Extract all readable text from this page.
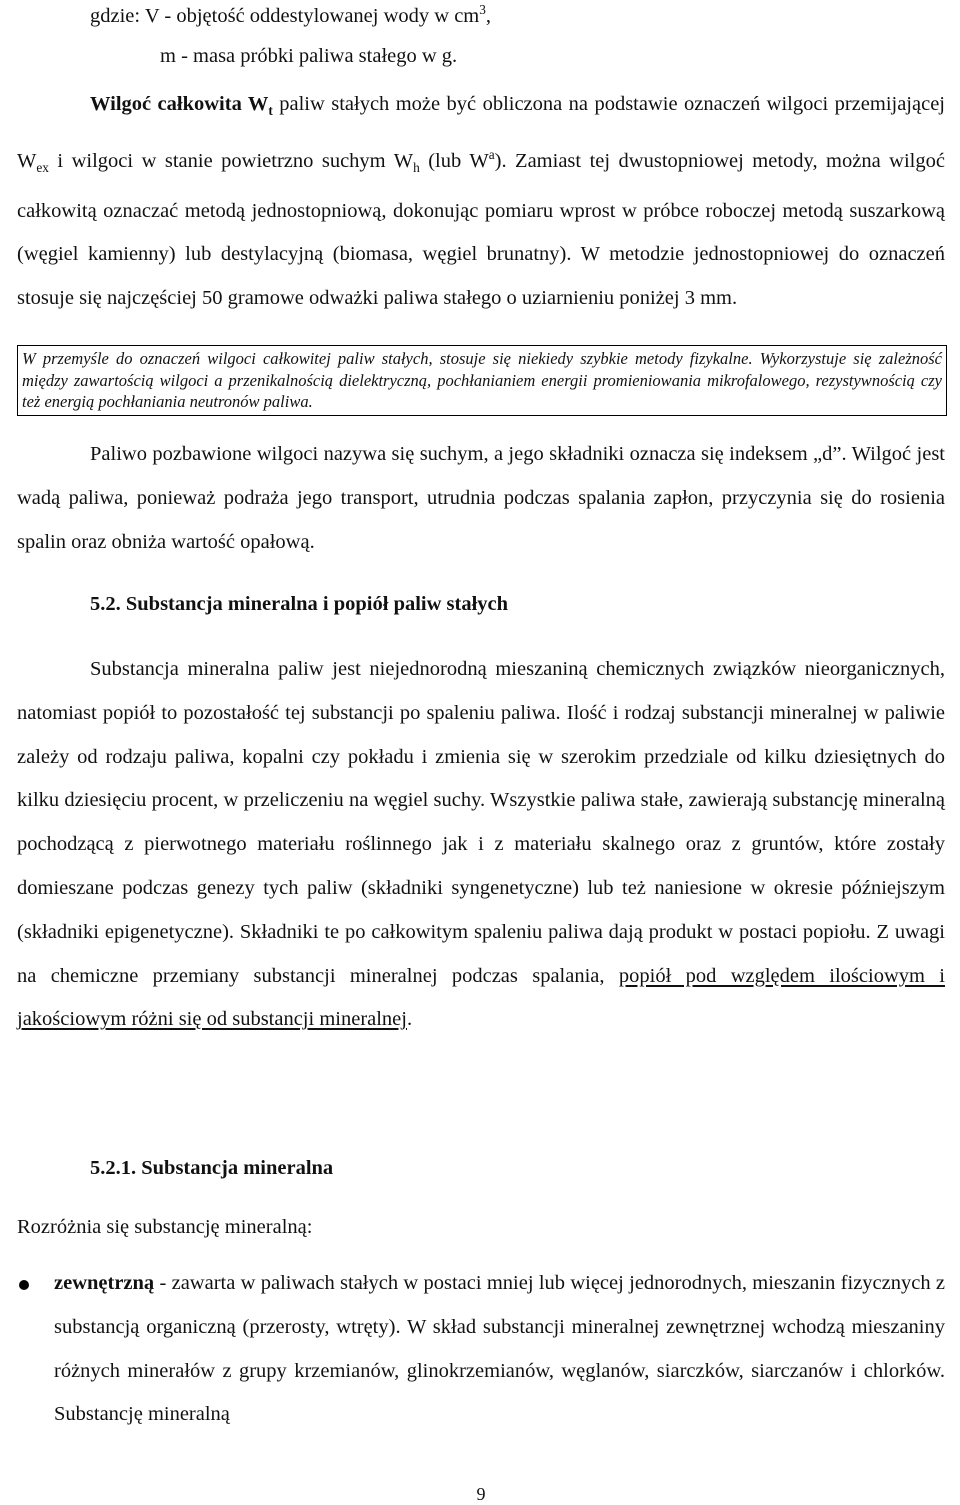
gdzie: V - objętość oddestylowanej wody w $cm^3$,

m - masa próbki paliwa stałego w g.

Wilgoć całkowita $W_t$ paliw stałych może być obliczona na podstawie oznaczeń wilgoci przemijającej $W_{ex}$ i wilgoci w stanie powietrzno suchym $W_h$ (lub $W^a$). Zamiast tej dwustopniowej metody, można wilgoć całkowitą oznaczać metodą jednostopniową, dokonując pomiaru wprost w próbce roboczej metodą suszarkową (węgiel kamienny) lub destylacyjną (biomasa, węgiel brunatny). W metodzie jednostopniowej do oznaczeń stosuje się najczęściej 50 gramowe odważki paliwa stałego o uziarnieniu poniżej 3 mm.

W przemyśle do oznaczeń wilgoci całkowitej paliw stałych, stosuje się niekiedy szybkie metody fizykalne. Wykorzystuje się zależność między zawartością wilgoci a przenikalnością dielektryczną, pochłanianiem energii promieniowania mikrofalowego, rezystywnością czy też energią pochłaniania neutronów paliwa.

Paliwo pozbawione wilgoci nazywa się suchym, a jego składniki oznacza się indeksem „d”. Wilgoć jest wadą paliwa, ponieważ podraża jego transport, utrudnia podczas spalania zapłon, przyczynia się do rosienia spalin oraz obniża wartość opałową.

5.2. Substancja mineralna i popiół paliw stałych

Substancja mineralna paliw jest niejednorodną mieszaniną chemicznych związków nieorganicznych, natomiast popiół to pozostałość tej substancji po spaleniu paliwa. Ilość i rodzaj substancji mineralnej w paliwie zależy od rodzaju paliwa, kopalni czy pokładu i zmienia się w szerokim przedziale od kilku dziesiętnych do kilku dziesięciu procent, w przeliczeniu na węgiel suchy. Wszystkie paliwa stałe, zawierają substancję mineralną pochodzącą z pierwotnego materiału roślinnego jak i z materiału skalnego oraz z gruntów, które zostały domieszane podczas genezy tych paliw (składniki syngenetyczne) lub też naniesione w okresie późniejszym (składniki epigenetyczne). Składniki te po całkowitym spaleniu paliwa dają produkt w postaci popiołu. Z uwagi na chemiczne przemiany substancji mineralnej podczas spalania, popiół pod względem ilościowym i jakościowym różni się od substancji mineralnej.

5.2.1. Substancja mineralna

Rozróżnia się substancję mineralną:

zewnętrzną - zawarta w paliwach stałych w postaci mniej lub więcej jednorodnych, mieszanin fizycznych z substancją organiczną (przerosty, wtręty). W skład substancji mineralnej zewnętrznej wchodzą mieszaniny różnych minerałów z grupy krzemianów, glinokrzemianów, węglanów, siarczków, siarczanów i chlorków. Substancję mineralną

9
